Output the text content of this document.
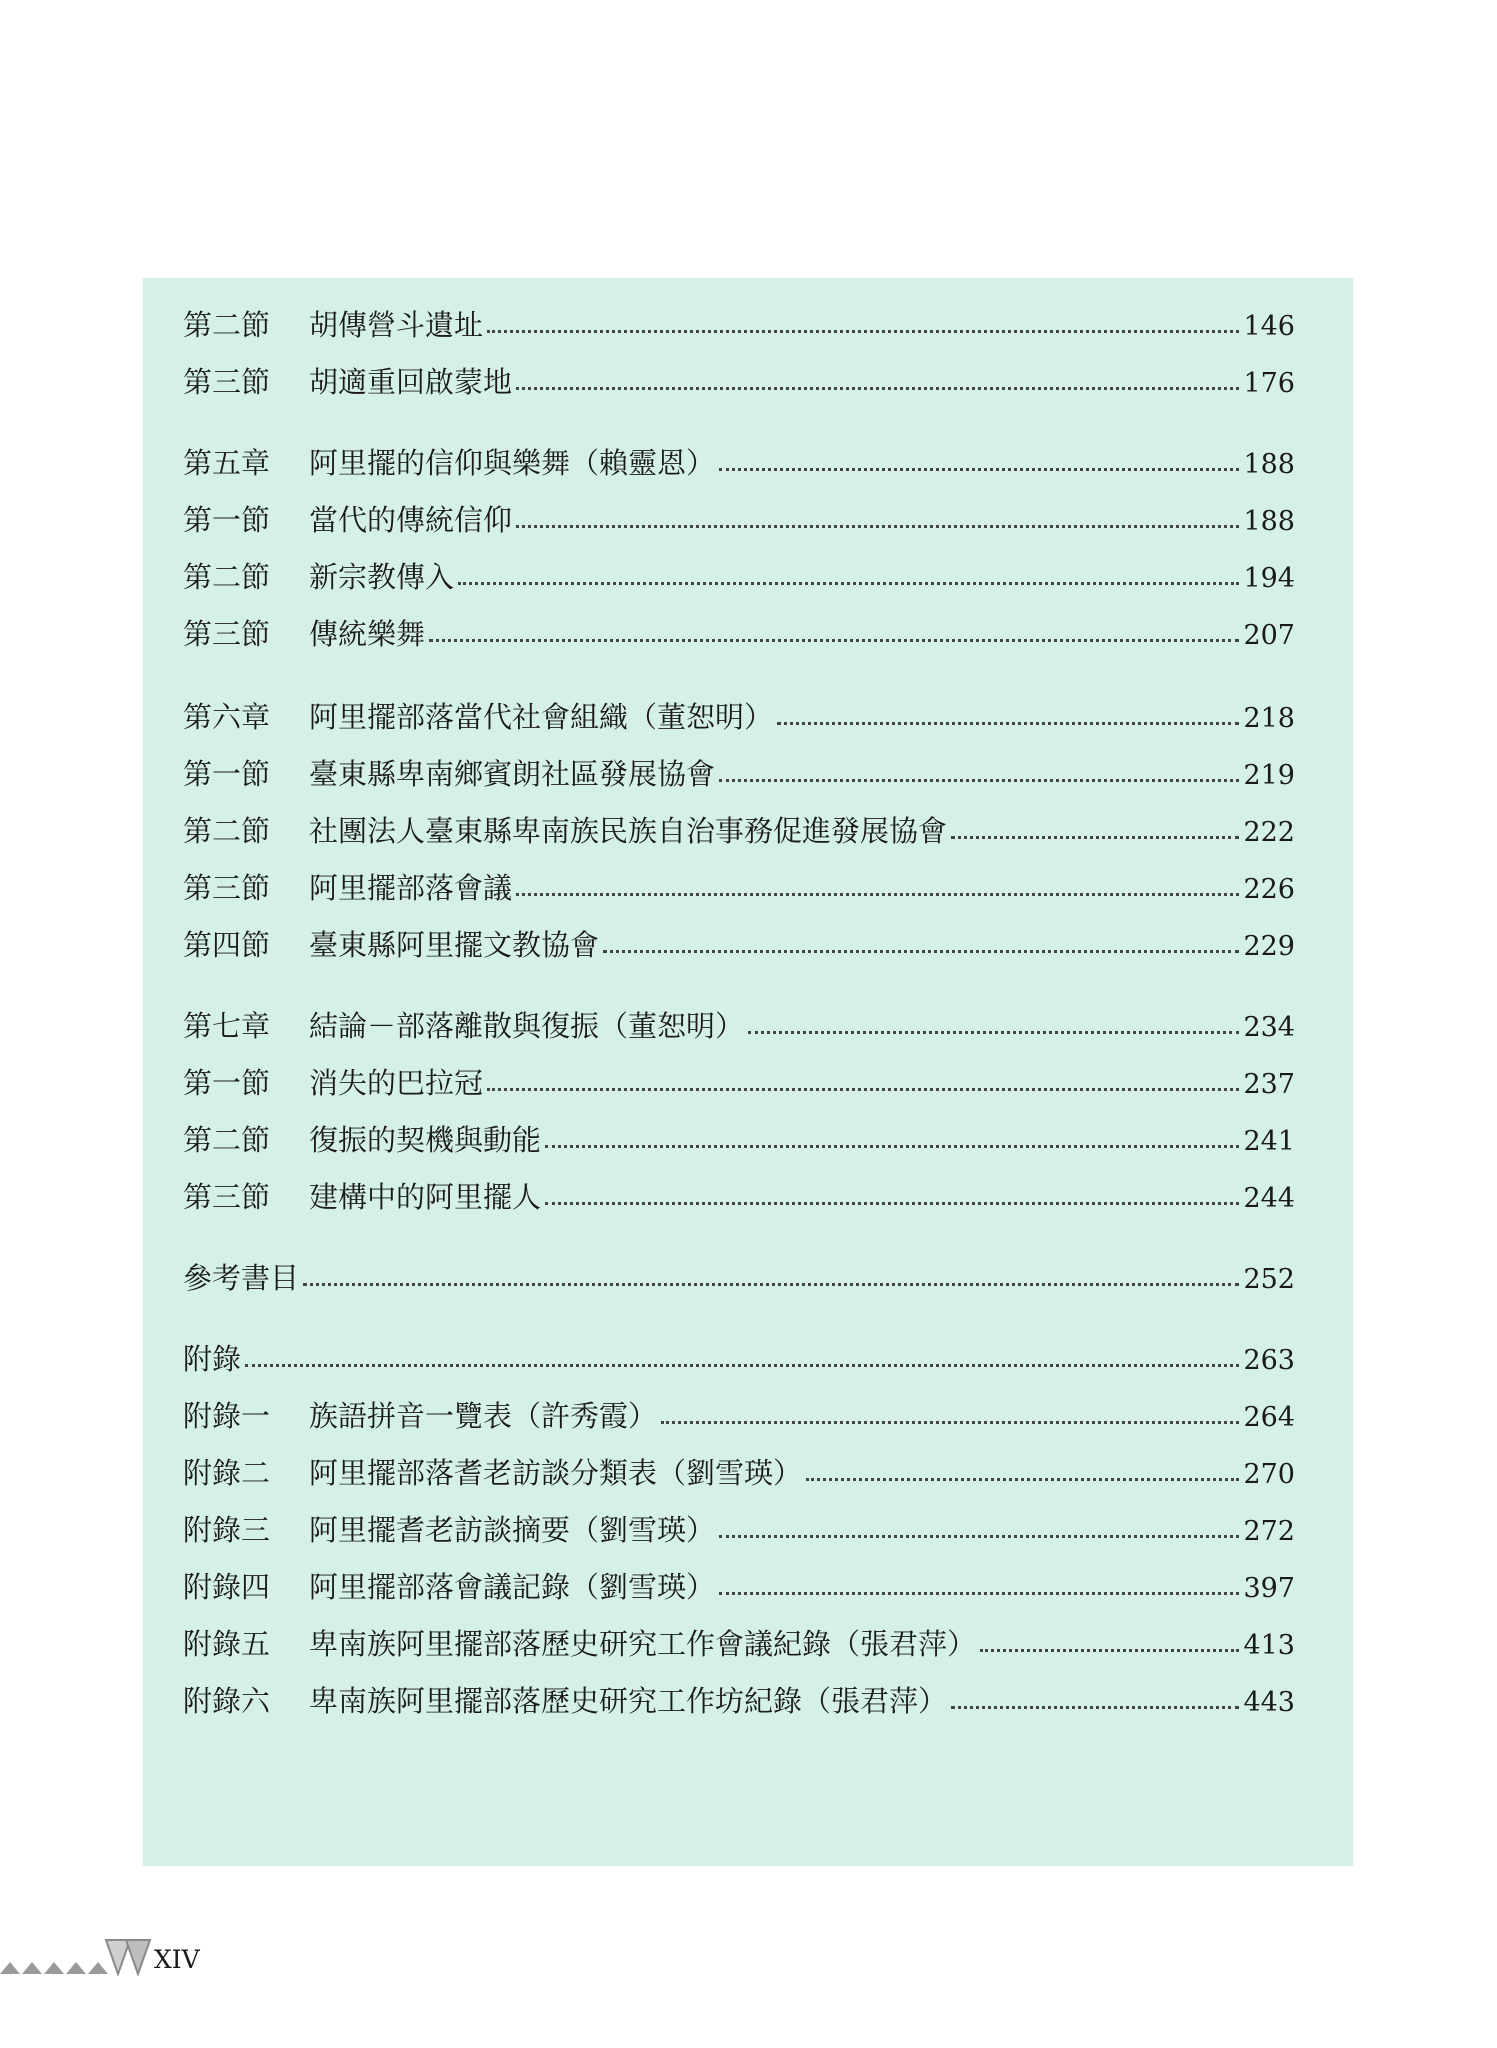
第二節	胡傳營斗遺址	146
第三節	胡適重回啟蒙地	176
第五章	阿里擺的信仰與樂舞（賴靈恩）	188
第一節	當代的傳統信仰	188
第二節	新宗教傳入	194
第三節	傳統樂舞	207
第六章	阿里擺部落當代社會組織（董恕明）	218
第一節	臺東縣卑南鄉賓朗社區發展協會	219
第二節	社團法人臺東縣卑南族民族自治事務促進發展協會	222
第三節	阿里擺部落會議	226
第四節	臺東縣阿里擺文教協會	229
第七章	結論－部落離散與復振（董恕明）	234
第一節	消失的巴拉冠	237
第二節	復振的契機與動能	241
第三節	建構中的阿里擺人	244
參考書目	252
附錄	263
附錄一	族語拼音一覽表（許秀霞）	264
附錄二	阿里擺部落耆老訪談分類表（劉雪瑛）	270
附錄三	阿里擺耆老訪談摘要（劉雪瑛）	272
附錄四	阿里擺部落會議記錄（劉雪瑛）	397
附錄五	卑南族阿里擺部落歷史研究工作會議紀錄（張君萍）	413
附錄六	卑南族阿里擺部落歷史研究工作坊紀錄（張君萍）	443
XIV
